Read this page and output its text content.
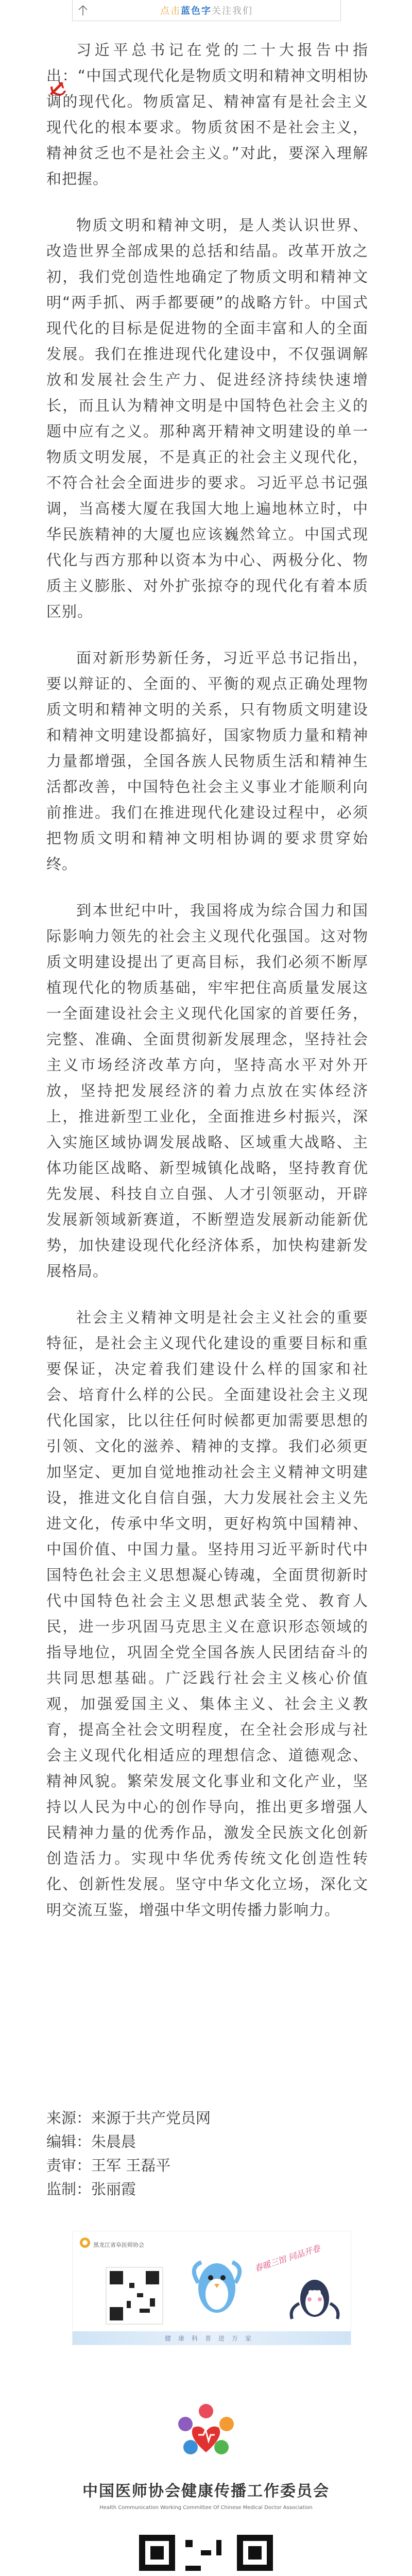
点击蓝色字关注我们

习近平总书记在党的二十大报告中指出：“中国式现代化是物质文明和精神文明相协调的现代化。物质富足、精神富有是社会主义现代化的根本要求。物质贫困不是社会主义，精神贫乏也不是社会主义。”对此，要深入理解和把握。

物质文明和精神文明，是人类认识世界、改造世界全部成果的总括和结晶。改革开放之初，我们党创造性地确定了物质文明和精神文明“两手抓、两手都要硬”的战略方针。中国式现代化的目标是促进物的全面丰富和人的全面发展。我们在推进现代化建设中，不仅强调解放和发展社会生产力、促进经济持续快速增长，而且认为精神文明是中国特色社会主义的题中应有之义。那种离开精神文明建设的单一物质文明发展，不是真正的社会主义现代化，不符合社会全面进步的要求。习近平总书记强调，当高楼大厦在我国大地上遍地林立时，中华民族精神的大厦也应该巍然耸立。中国式现代化与西方那种以资本为中心、两极分化、物质主义膨胀、对外扩张掠夺的现代化有着本质区别。

面对新形势新任务，习近平总书记指出，要以辩证的、全面的、平衡的观点正确处理物质文明和精神文明的关系，只有物质文明建设和精神文明建设都搞好，国家物质力量和精神力量都增强，全国各族人民物质生活和精神生活都改善，中国特色社会主义事业才能顺利向前推进。我们在推进现代化建设过程中，必须把物质文明和精神文明相协调的要求贯穿始终。

到本世纪中叶，我国将成为综合国力和国际影响力领先的社会主义现代化强国。这对物质文明建设提出了更高目标，我们必须不断厚植现代化的物质基础，牢牢把住高质量发展这一全面建设社会主义现代化国家的首要任务，完整、准确、全面贯彻新发展理念，坚持社会主义市场经济改革方向，坚持高水平对外开放，坚持把发展经济的着力点放在实体经济上，推进新型工业化，全面推进乡村振兴，深入实施区域协调发展战略、区域重大战略、主体功能区战略、新型城镇化战略，坚持教育优先发展、科技自立自强、人才引领驱动，开辟发展新领域新赛道，不断塑造发展新动能新优势，加快建设现代化经济体系，加快构建新发展格局。

社会主义精神文明是社会主义社会的重要特征，是社会主义现代化建设的重要目标和重要保证，决定着我们建设什么样的国家和社会、培育什么样的公民。全面建设社会主义现代化国家，比以往任何时候都更加需要思想的引领、文化的滋养、精神的支撑。我们必须更加坚定、更加自觉地推动社会主义精神文明建设，推进文化自信自强，大力发展社会主义先进文化，传承中华文明，更好构筑中国精神、中国价值、中国力量。坚持用习近平新时代中国特色社会主义思想凝心铸魂，全面贯彻新时代中国特色社会主义思想武装全党、教育人民，进一步巩固马克思主义在意识形态领域的指导地位，巩固全党全国各族人民团结奋斗的共同思想基础。广泛践行社会主义核心价值观，加强爱国主义、集体主义、社会主义教育，提高全社会文明程度，在全社会形成与社会主义现代化相适应的理想信念、道德观念、精神风貌。繁荣发展文化事业和文化产业，坚持以人民为中心的创作导向，推出更多增强人民精神力量的优秀作品，激发全民族文化创新创造活力。实现中华优秀传统文化创造性转化、创新性发展。坚守中华文化立场，深化文明交流互鉴，增强中华文明传播力影响力。

来源：来源于共产党员网
编辑：朱晨晨
责审：王军 王磊平
监制：张丽霞
黑龙江省阜医师协会	春暖三馆 同品开卷
健康科普进万家
中国医师协会健康传播工作委员会
Health Communication Working Committee Of Chinese Medical Doctor Association
